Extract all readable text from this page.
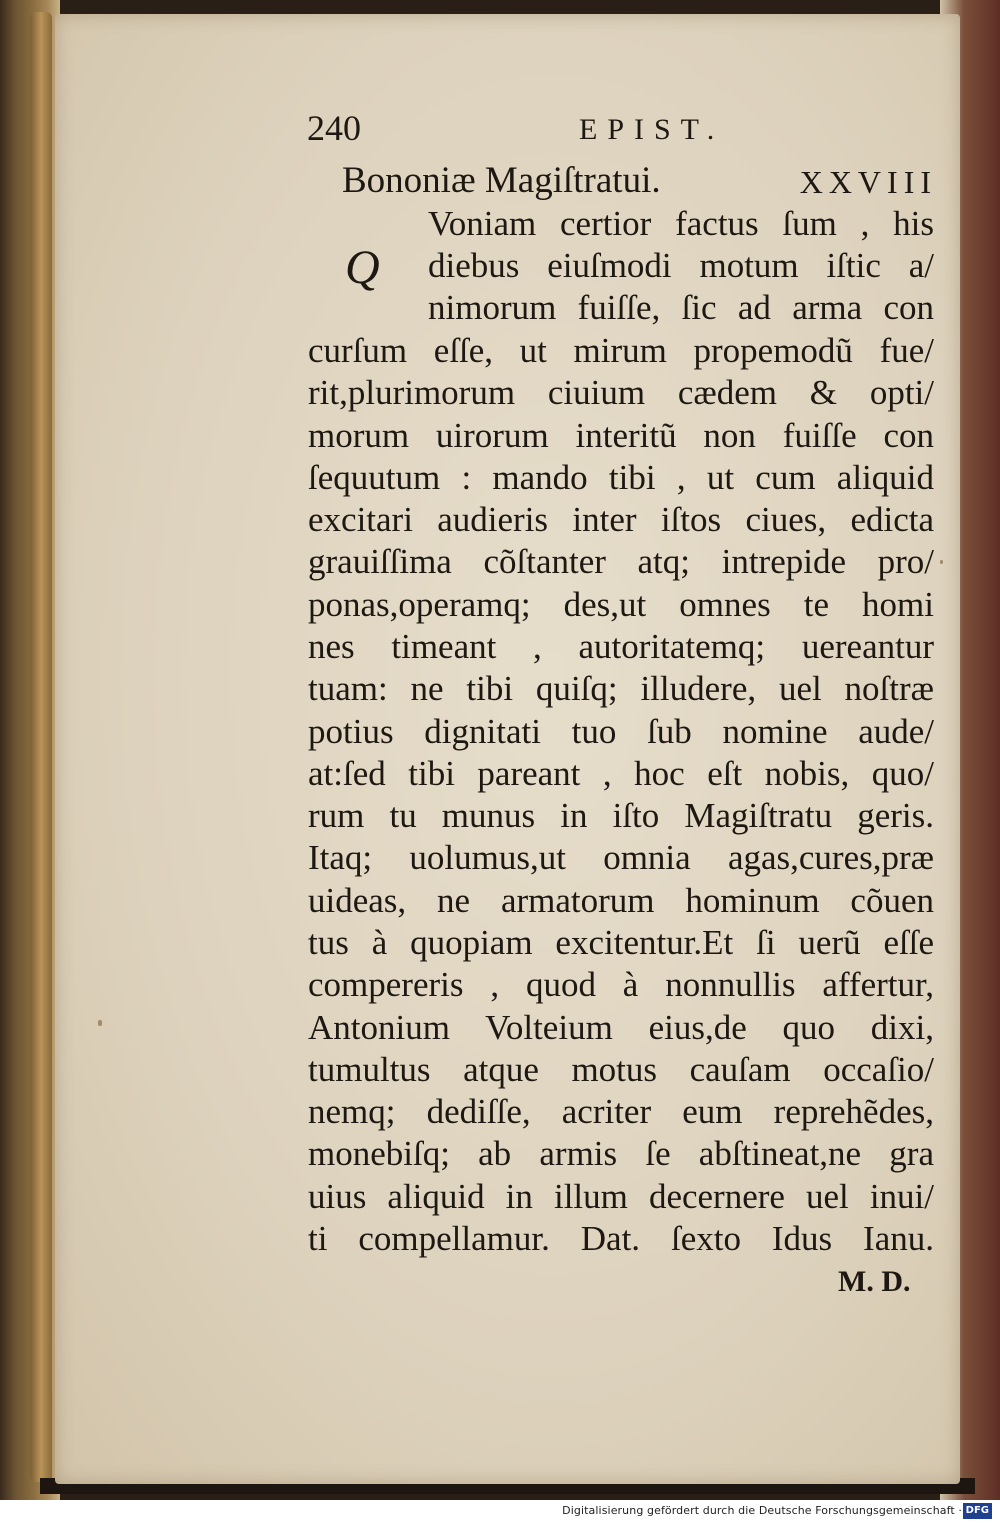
240	EPIST.
Bononiæ Magiſtratui.	XXVIII
Q
Voniam certior factus ſum , his
diebus eiuſmodi motum iſtic a/
nimorum fuiſſe, ſic ad arma con
curſum eſſe, ut mirum propemodũ fue/
rit,plurimorum ciuium cædem & opti/
morum uirorum interitũ non fuiſſe con
ſequutum : mando tibi , ut cum aliquid
excitari audieris inter iſtos ciues, edicta
grauiſſima cõſtanter atq; intrepide pro/
ponas,operamq; des,ut omnes te homi
nes timeant , autoritatemq; uereantur
tuam: ne tibi quiſq; illudere, uel noſtræ
potius dignitati tuo ſub nomine aude/
at:ſed tibi pareant , hoc eſt nobis, quo/
rum tu munus in iſto Magiſtratu geris.
Itaq; uolumus,ut omnia agas,cures,præ
uideas, ne armatorum hominum cõuen
tus à quopiam excitentur.Et ſi uerũ eſſe
compereris , quod à nonnullis affertur,
Antonium Volteium eius,de quo dixi,
tumultus atque motus cauſam occaſio/
nemq; dediſſe, acriter eum reprehẽdes,
monebiſq; ab armis ſe abſtineat,ne gra
uius aliquid in illum decernere uel inui/
ti compellamur. Dat. ſexto Idus Ianu.
M. D.
Digitalisierung gefördert durch die Deutsche Forschungsgemeinschaft · DFG
